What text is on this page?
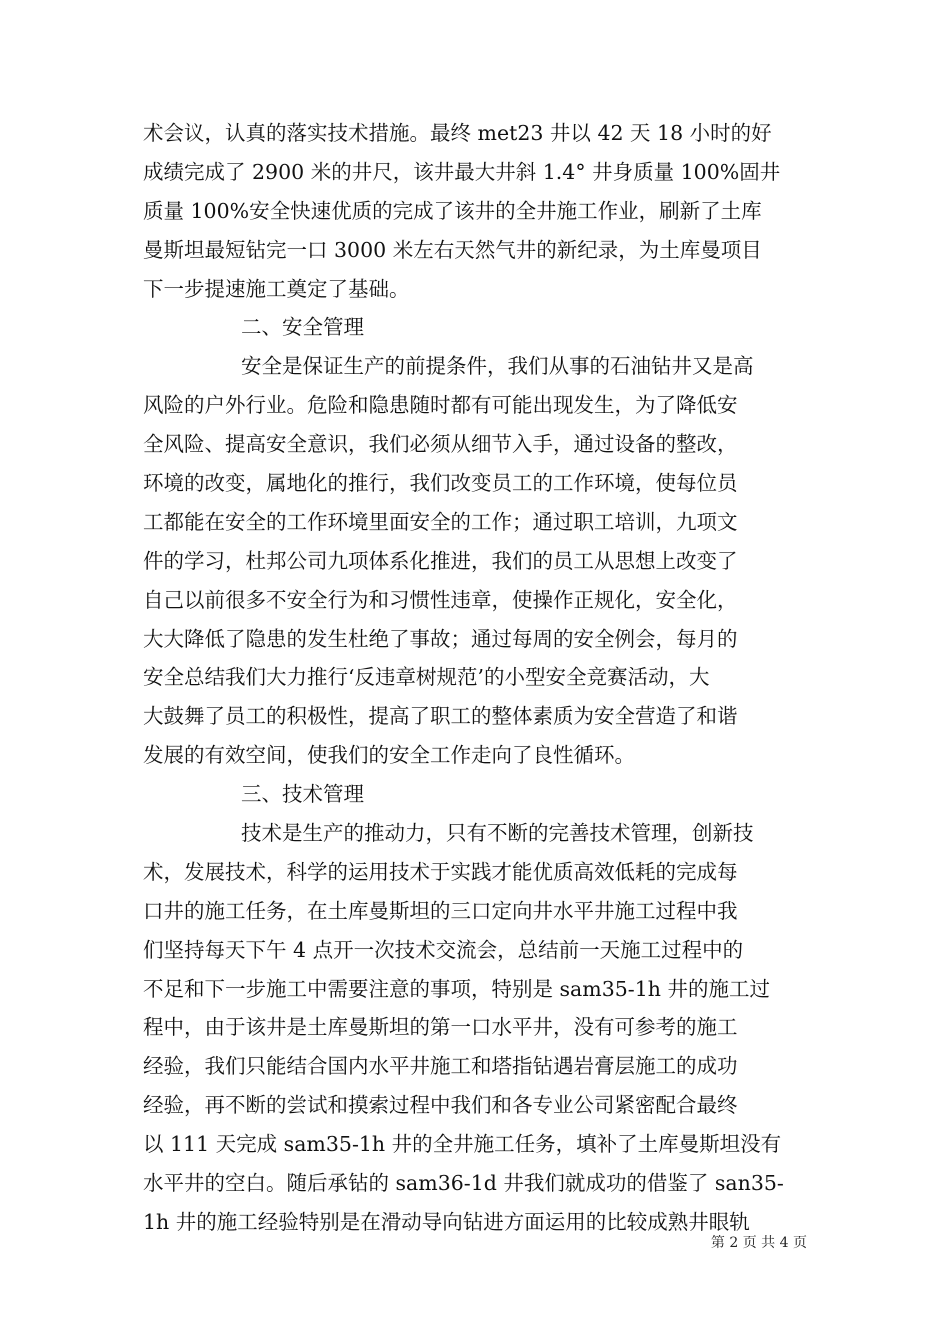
术会议，认真的落实技术措施。最终 met23 井以 42 天 18 小时的好
成绩完成了 2900 米的井尺，该井最大井斜 1.4° 井身质量 100%固井
质量 100%安全快速优质的完成了该井的全井施工作业，刷新了土库
曼斯坦最短钻完一口 3000 米左右天然气井的新纪录，为土库曼项目
下一步提速施工奠定了基础。
二、安全管理
安全是保证生产的前提条件，我们从事的石油钻井又是高
风险的户外行业。危险和隐患随时都有可能出现发生，为了降低安
全风险、提高安全意识，我们必须从细节入手，通过设备的整改，
环境的改变，属地化的推行，我们改变员工的工作环境，使每位员
工都能在安全的工作环境里面安全的工作；通过职工培训，九项文
件的学习，杜邦公司九项体系化推进，我们的员工从思想上改变了
自己以前很多不安全行为和习惯性违章，使操作正规化，安全化，
大大降低了隐患的发生杜绝了事故；通过每周的安全例会，每月的
安全总结我们大力推行‘反违章树规范’的小型安全竞赛活动，大
大鼓舞了员工的积极性，提高了职工的整体素质为安全营造了和谐
发展的有效空间，使我们的安全工作走向了良性循环。
三、技术管理
技术是生产的推动力，只有不断的完善技术管理，创新技
术，发展技术，科学的运用技术于实践才能优质高效低耗的完成每
口井的施工任务，在土库曼斯坦的三口定向井水平井施工过程中我
们坚持每天下午 4 点开一次技术交流会，总结前一天施工过程中的
不足和下一步施工中需要注意的事项，特别是 sam35-1h 井的施工过
程中，由于该井是土库曼斯坦的第一口水平井，没有可参考的施工
经验，我们只能结合国内水平井施工和塔指钻遇岩膏层施工的成功
经验，再不断的尝试和摸索过程中我们和各专业公司紧密配合最终
以 111 天完成 sam35-1h 井的全井施工任务，填补了土库曼斯坦没有
水平井的空白。随后承钻的 sam36-1d 井我们就成功的借鉴了 san35-
1h 井的施工经验特别是在滑动导向钻进方面运用的比较成熟井眼轨
第 2 页 共 4 页
